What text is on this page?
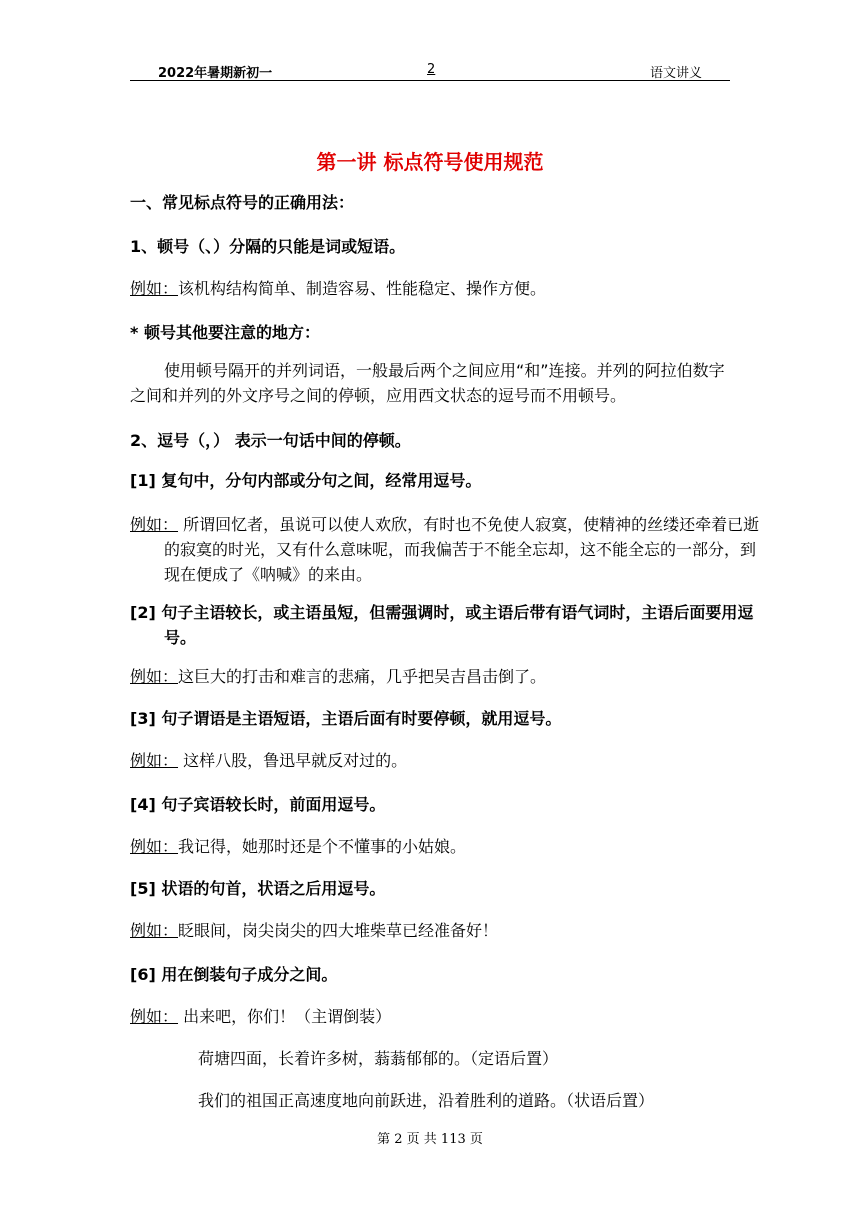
2022年暑期新初一	2	语文讲义
第一讲 标点符号使用规范
一、常见标点符号的正确用法：
1、顿号（、）分隔的只能是词或短语。
例如：该机构结构简单、制造容易、性能稳定、操作方便。
* 顿号其他要注意的地方：
使用顿号隔开的并列词语，一般最后两个之间应用“和”连接。并列的阿拉伯数字之间和并列的外文序号之间的停顿，应用西文状态的逗号而不用顿号。
2、逗号（，） 表示一句话中间的停顿。
[1] 复句中，分句内部或分句之间，经常用逗号。
例如： 所谓回忆者，虽说可以使人欢欣，有时也不免使人寂寞，使精神的丝缕还牵着已逝的寂寞的时光，又有什么意味呢，而我偏苦于不能全忘却，这不能全忘的一部分，到现在便成了《呐喊》的来由。
[2] 句子主语较长，或主语虽短，但需强调时，或主语后带有语气词时，主语后面要用逗号。
例如：这巨大的打击和难言的悲痛，几乎把吴吉昌击倒了。
[3] 句子谓语是主语短语，主语后面有时要停顿，就用逗号。
例如： 这样八股，鲁迅早就反对过的。
[4] 句子宾语较长时，前面用逗号。
例如：我记得，她那时还是个不懂事的小姑娘。
[5] 状语的句首，状语之后用逗号。
例如：眨眼间，岗尖岗尖的四大堆柴草已经准备好！
[6] 用在倒装句子成分之间。
例如： 出来吧，你们！（主谓倒装）
荷塘四面，长着许多树，蓊蓊郁郁的。（定语后置）
我们的祖国正高速度地向前跃进，沿着胜利的道路。（状语后置）
第 2 页 共 113 页
